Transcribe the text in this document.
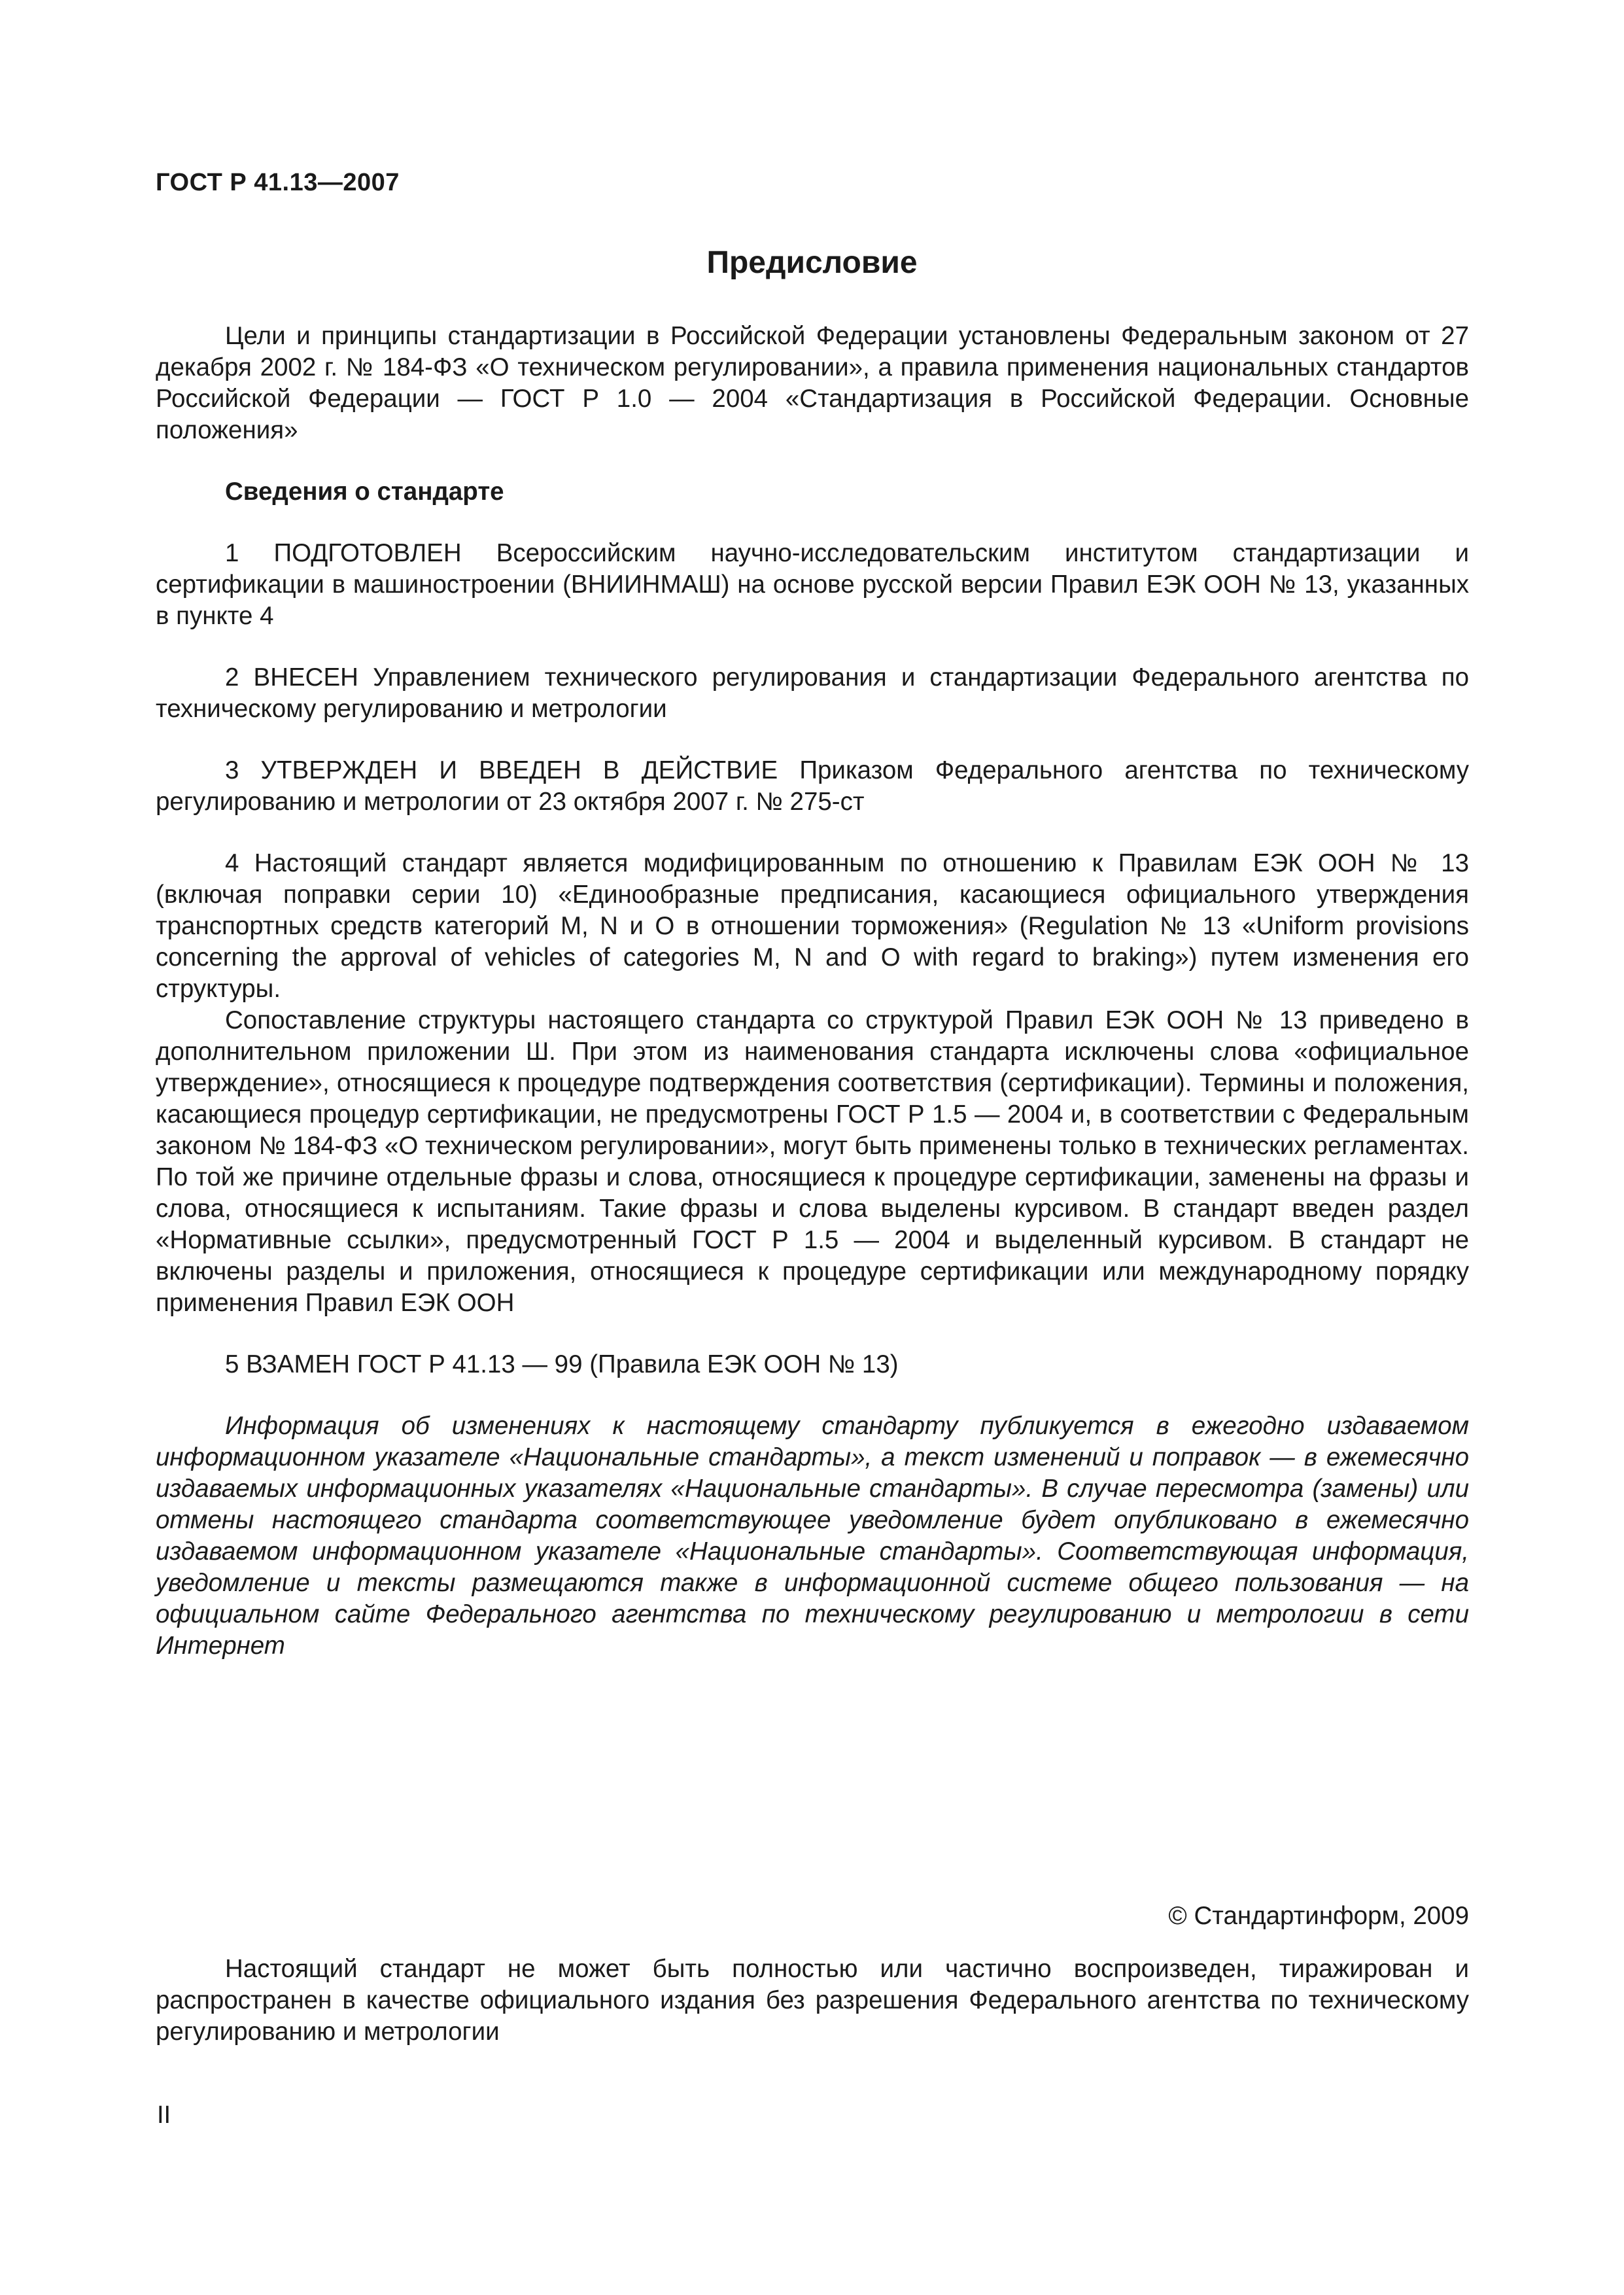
ГОСТ Р 41.13—2007
Предисловие

Цели и принципы стандартизации в Российской Федерации установлены Федеральным законом от 27 декабря 2002 г. № 184-ФЗ «О техническом регулировании», а правила применения национальных стандартов Российской Федерации — ГОСТ Р 1.0 — 2004 «Стандартизация в Российской Федерации. Основные положения»

Сведения о стандарте

1 ПОДГОТОВЛЕН Всероссийским научно-исследовательским институтом стандартизации и сертификации в машиностроении (ВНИИНМАШ) на основе русской версии Правил ЕЭК ООН № 13, указанных в пункте 4

2 ВНЕСЕН Управлением технического регулирования и стандартизации Федерального агентства по техническому регулированию и метрологии

3 УТВЕРЖДЕН И ВВЕДЕН В ДЕЙСТВИЕ Приказом Федерального агентства по техническому регулированию и метрологии от 23 октября 2007 г. № 275-ст

4 Настоящий стандарт является модифицированным по отношению к Правилам ЕЭК ООН № 13 (включая поправки серии 10) «Единообразные предписания, касающиеся официального утверждения транспортных средств категорий M, N и O в отношении торможения» (Regulation № 13 «Uniform provisions concerning the approval of vehicles of categories M, N and O with regard to braking») путем изменения его структуры.

Сопоставление структуры настоящего стандарта со структурой Правил ЕЭК ООН № 13 приведено в дополнительном приложении Ш. При этом из наименования стандарта исключены слова «официальное утверждение», относящиеся к процедуре подтверждения соответствия (сертификации). Термины и положения, касающиеся процедур сертификации, не предусмотрены ГОСТ Р 1.5 — 2004 и, в соответствии с Федеральным законом № 184-ФЗ «О техническом регулировании», могут быть применены только в технических регламентах. По той же причине отдельные фразы и слова, относящиеся к процедуре сертификации, заменены на фразы и слова, относящиеся к испытаниям. Такие фразы и слова выделены курсивом. В стандарт введен раздел «Нормативные ссылки», предусмотренный ГОСТ Р 1.5 — 2004 и выделенный курсивом. В стандарт не включены разделы и приложения, относящиеся к процедуре сертификации или международному порядку применения Правил ЕЭК ООН

5 ВЗАМЕН ГОСТ Р 41.13 — 99 (Правила ЕЭК ООН № 13)

Информация об изменениях к настоящему стандарту публикуется в ежегодно издаваемом информационном указателе «Национальные стандарты», а текст изменений и поправок — в ежемесячно издаваемых информационных указателях «Национальные стандарты». В случае пересмотра (замены) или отмены настоящего стандарта соответствующее уведомление будет опубликовано в ежемесячно издаваемом информационном указателе «Национальные стандарты». Соответствующая информация, уведомление и тексты размещаются также в информационной системе общего пользования — на официальном сайте Федерального агентства по техническому регулированию и метрологии в сети Интернет

© Стандартинформ, 2009

Настоящий стандарт не может быть полностью или частично воспроизведен, тиражирован и распространен в качестве официального издания без разрешения Федерального агентства по техническому регулированию и метрологии

II
